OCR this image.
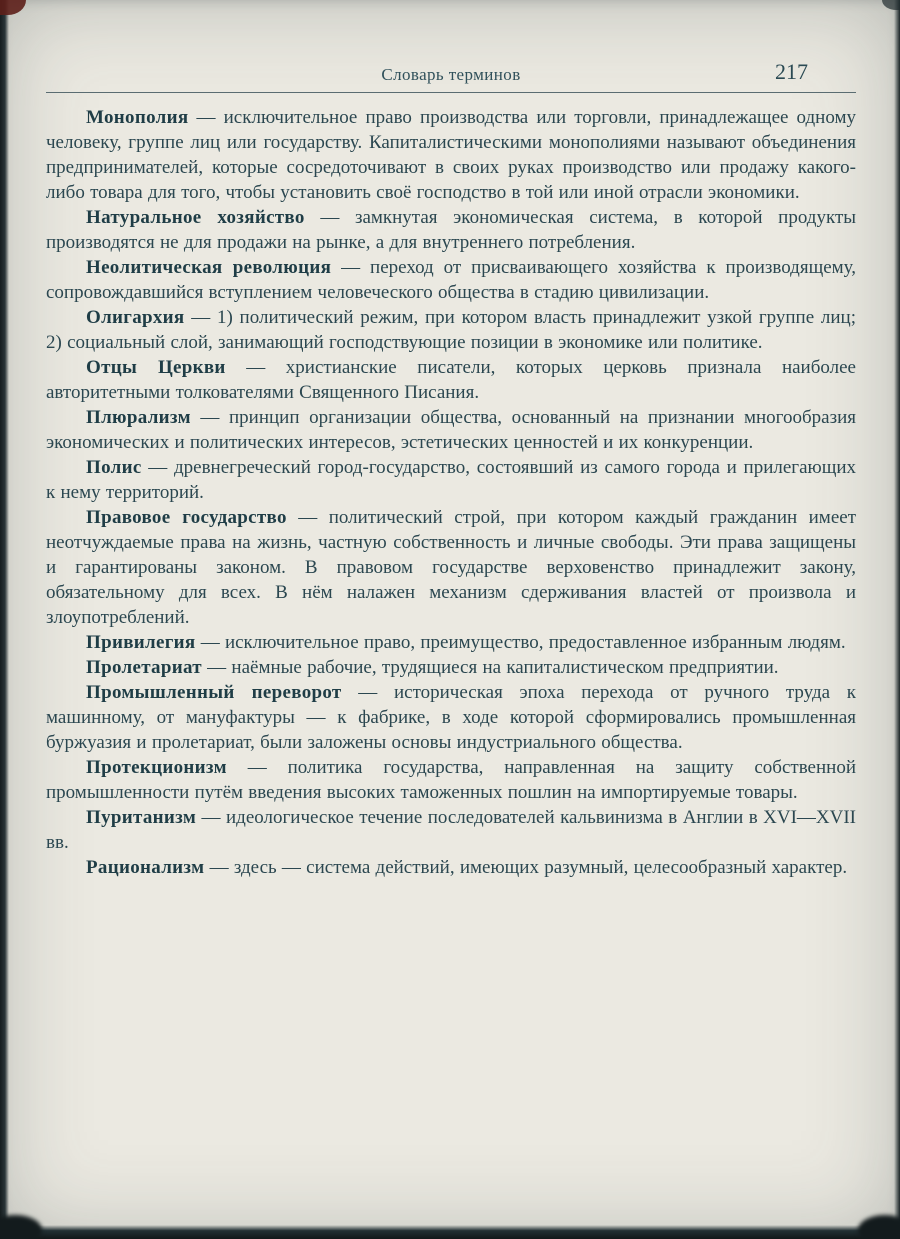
Словарь терминов	217

Монополия — исключительное право производства или торговли, принадлежащее одному человеку, группе лиц или государству. Капиталистическими монополиями называют объединения предпринимателей, которые сосредоточивают в своих руках производство или продажу какого-либо товара для того, чтобы установить своё господство в той или иной отрасли экономики.

Натуральное хозяйство — замкнутая экономическая система, в которой продукты производятся не для продажи на рынке, а для внутреннего потребления.

Неолитическая революция — переход от присваивающего хозяйства к производящему, сопровождавшийся вступлением человеческого общества в стадию цивилизации.

Олигархия — 1) политический режим, при котором власть принадлежит узкой группе лиц; 2) социальный слой, занимающий господствующие позиции в экономике или политике.

Отцы Церкви — христианские писатели, которых церковь признала наиболее авторитетными толкователями Священного Писания.

Плюрализм — принцип организации общества, основанный на признании многообразия экономических и политических интересов, эстетических ценностей и их конкуренции.

Полис — древнегреческий город-государство, состоявший из самого города и прилегающих к нему территорий.

Правовое государство — политический строй, при котором каждый гражданин имеет неотчуждаемые права на жизнь, частную собственность и личные свободы. Эти права защищены и гарантированы законом. В правовом государстве верховенство принадлежит закону, обязательному для всех. В нём налажен механизм сдерживания властей от произвола и злоупотреблений.

Привилегия — исключительное право, преимущество, предоставленное избранным людям.

Пролетариат — наёмные рабочие, трудящиеся на капиталистическом предприятии.

Промышленный переворот — историческая эпоха перехода от ручного труда к машинному, от мануфактуры — к фабрике, в ходе которой сформировались промышленная буржуазия и пролетариат, были заложены основы индустриального общества.

Протекционизм — политика государства, направленная на защиту собственной промышленности путём введения высоких таможенных пошлин на импортируемые товары.

Пуританизм — идеологическое течение последователей кальвинизма в Англии в XVI—XVII вв.

Рационализм — здесь — система действий, имеющих разумный, целесообразный характер.
